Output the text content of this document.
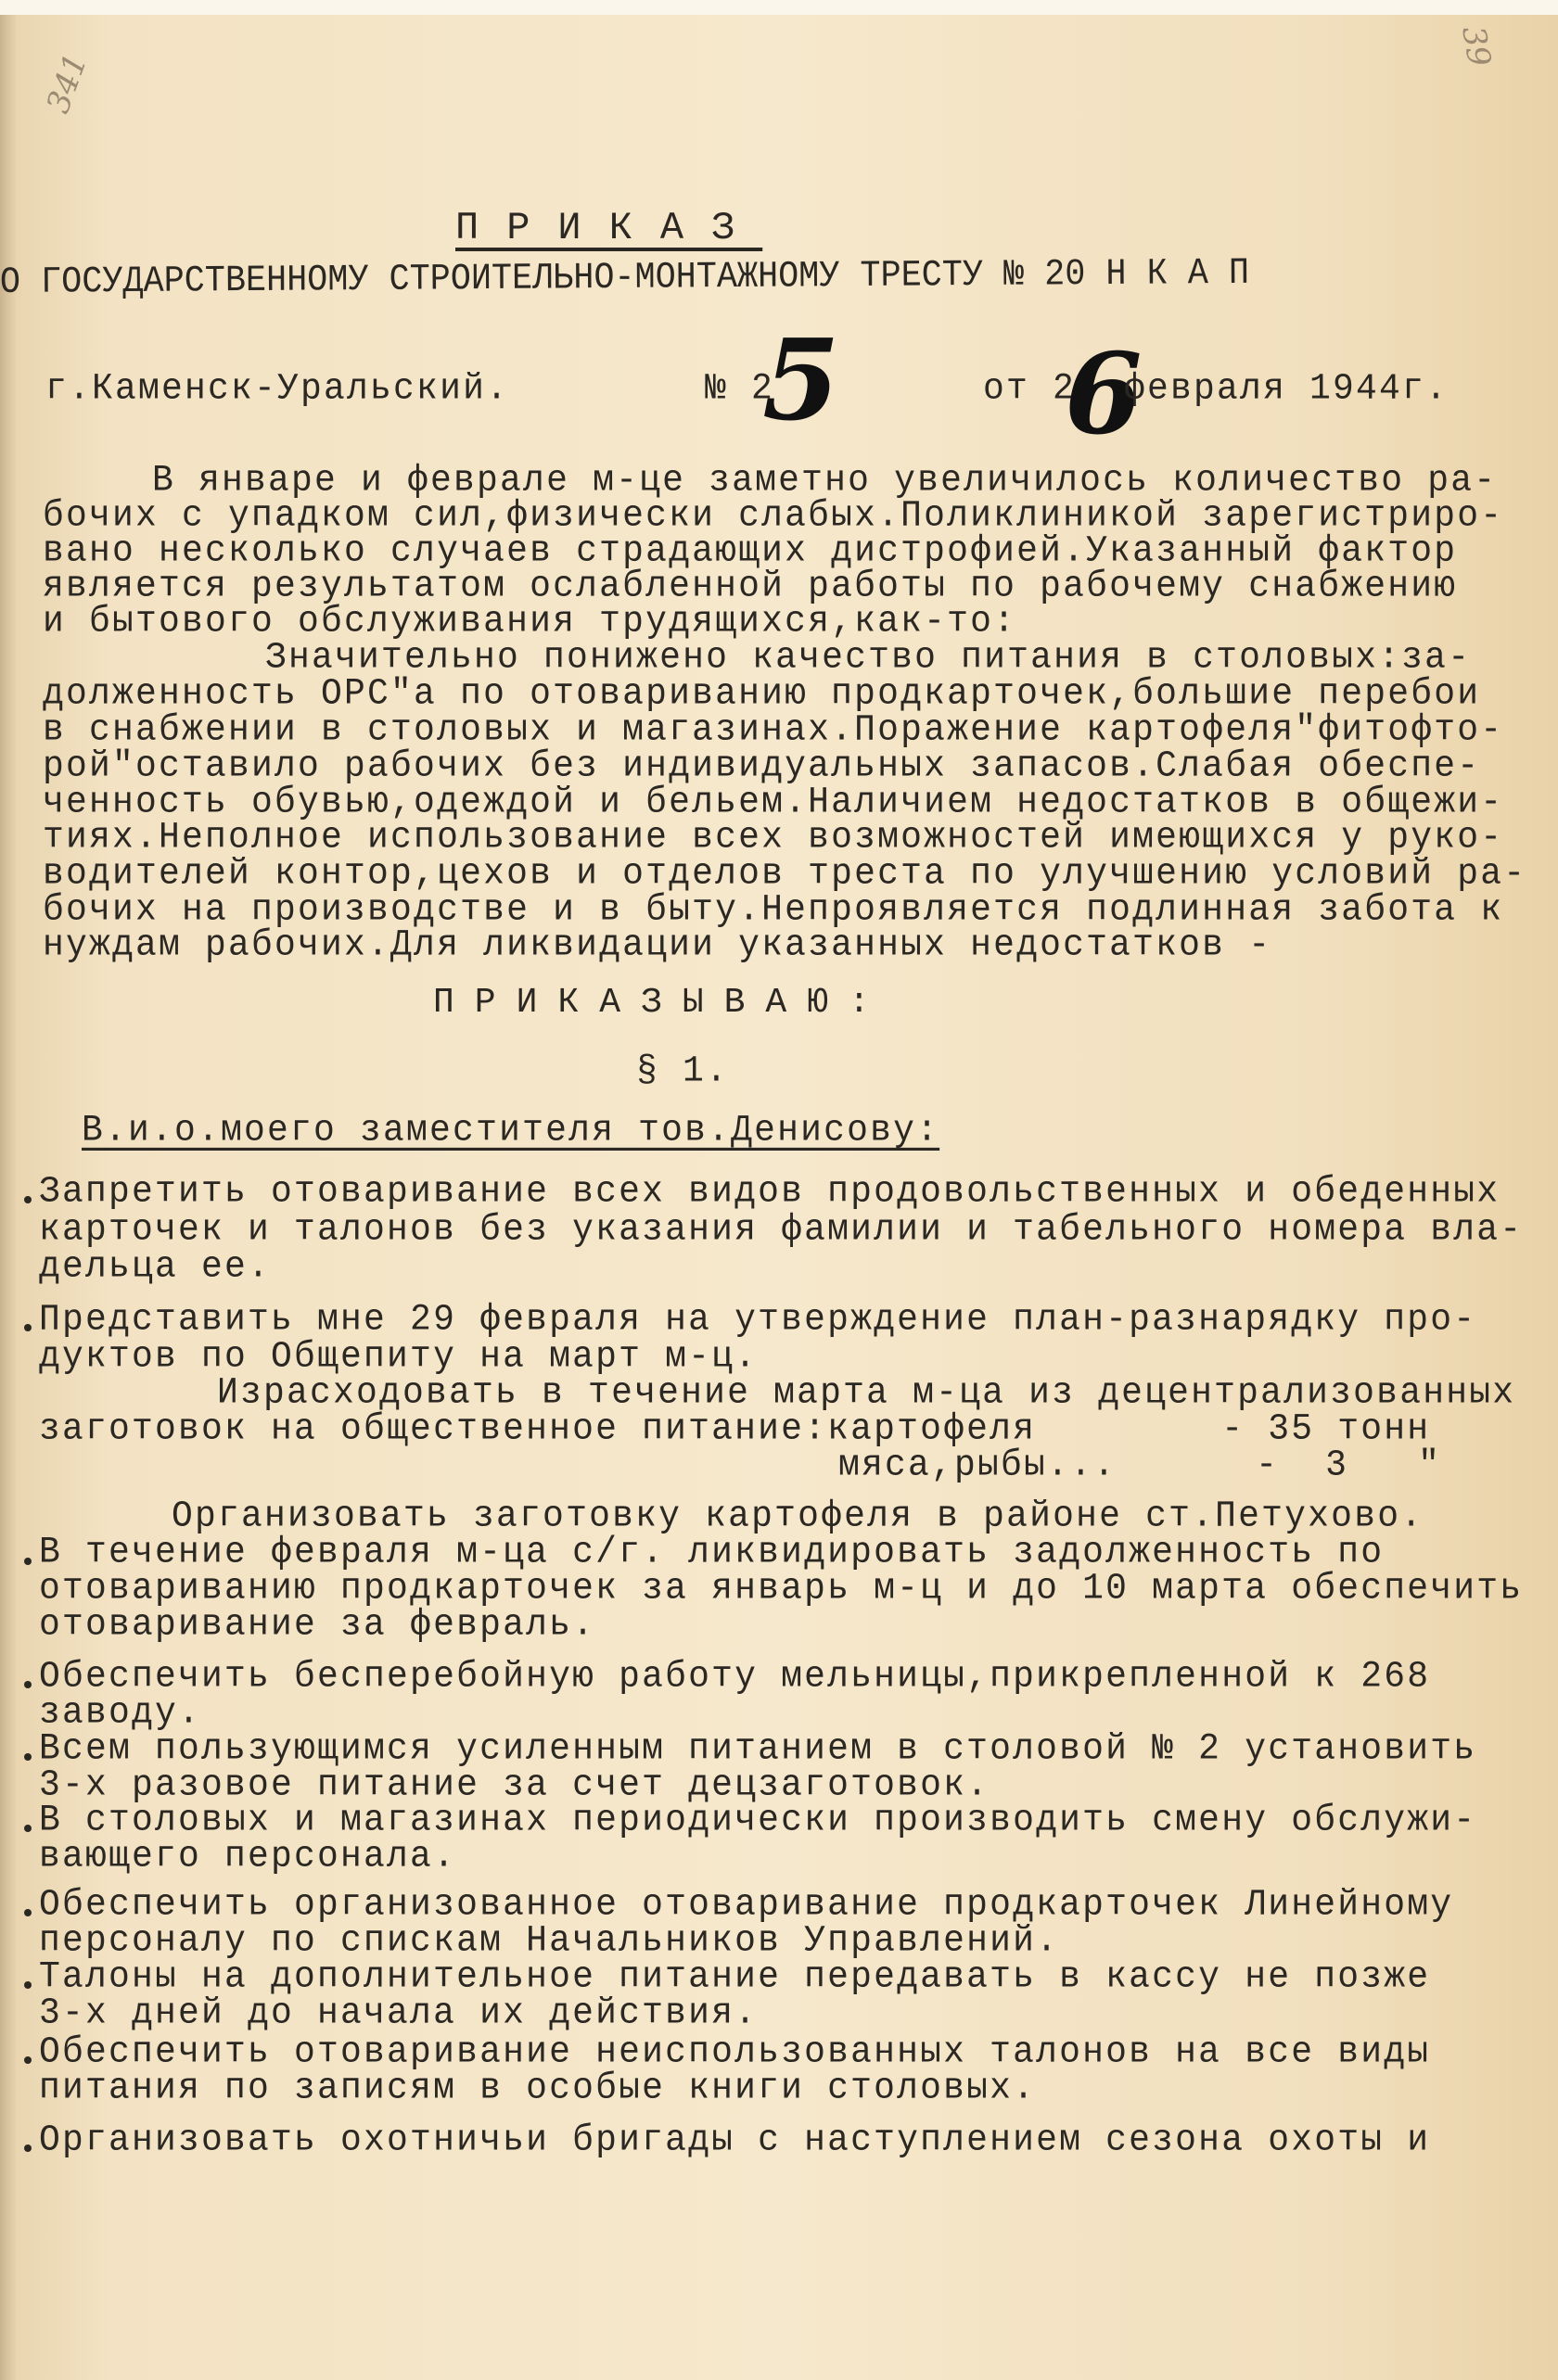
341
39
ПРИКАЗ
О ГОСУДАРСТВЕННОМУ СТРОИТЕЛЬНО-МОНТАЖНОМУ ТРЕСТУ № 20 Н К А П
г.Каменск-Уральский.	№ 2
5	от 2
6
февраля 1944г.
В январе и феврале м-це заметно увеличилось количество ра-
бочих с упадком сил,физически слабых.Поликлиникой зарегистриро-
вано несколько случаев страдающих дистрофией.Указанный фактор
является результатом ослабленной работы по рабочему снабжению
и бытового обслуживания трудящихся,как-то:
Значительно понижено качество питания в столовых:за-
долженность ОРС"а по отовариванию продкарточек,большие перебои
в снабжении в столовых и магазинах.Поражение картофеля"фитофто-
рой"оставило рабочих без индивидуальных запасов.Слабая обеспе-
ченность обувью,одеждой и бельем.Наличием недостатков в общежи-
тиях.Неполное использование всех возможностей имеющихся у руко-
водителей контор,цехов и отделов треста по улучшению условий ра-
бочих на производстве и в быту.Непроявляется подлинная забота к
нуждам рабочих.Для ликвидации указанных недостатков -
ПРИКАЗЫВАЮ:
§ 1.
В.и.о.моего заместителя тов.Денисову:
Запретить отоваривание всех видов продовольственных и обеденных
карточек и талонов без указания фамилии и табельного номера вла-
дельца ее.
Представить мне 29 февраля на утверждение план-разнарядку про-
дуктов по Общепиту на март м-ц.
Израсходовать в течение марта м-ца из децентрализованных
заготовок на общественное питание:картофеля        - 35 тонн
мяса,рыбы...      -  3   "
Организовать заготовку картофеля в районе ст.Петухово.
В течение февраля м-ца с/г. ликвидировать задолженность по
отовариванию продкарточек за январь м-ц и до 10 марта обеспечить
отоваривание за февраль.
Обеспечить бесперебойную работу мельницы,прикрепленной к 268
заводу.
Всем пользующимся усиленным питанием в столовой № 2 установить
3-х разовое питание за счет децзаготовок.
В столовых и магазинах периодически производить смену обслужи-
вающего персонала.
Обеспечить организованное отоваривание продкарточек Линейному
персоналу по спискам Начальников Управлений.
Талоны на дополнительное питание передавать в кассу не позже
3-х дней до начала их действия.
Обеспечить отоваривание неиспользованных талонов на все виды
питания по записям в особые книги столовых.
Организовать охотничьи бригады с наступлением сезона охоты и
